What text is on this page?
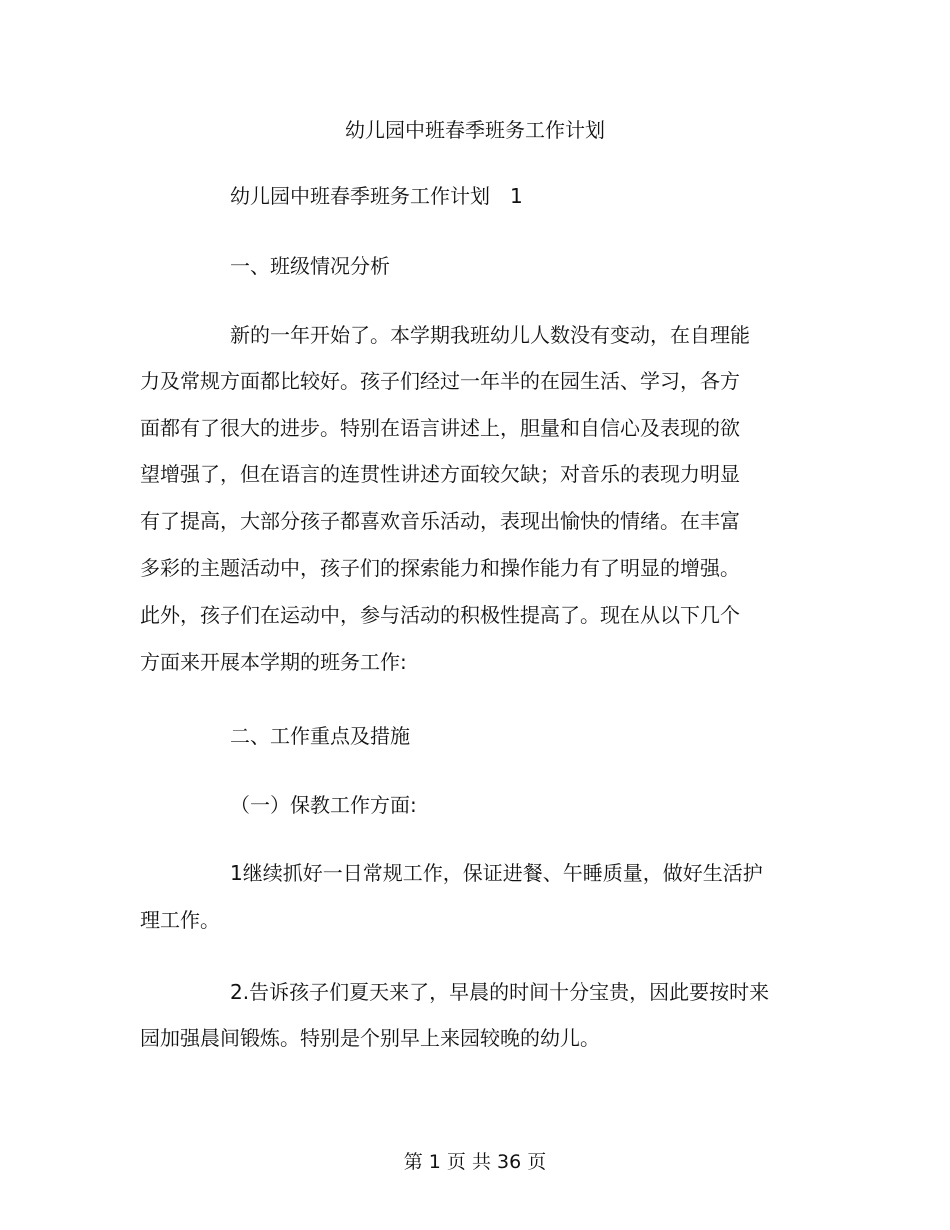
幼儿园中班春季班务工作计划
幼儿园中班春季班务工作计划　1
一、班级情况分析
新的一年开始了。本学期我班幼儿人数没有变动，在自理能
力及常规方面都比较好。孩子们经过一年半的在园生活、学习，各方
面都有了很大的进步。特别在语言讲述上，胆量和自信心及表现的欲
望增强了，但在语言的连贯性讲述方面较欠缺；对音乐的表现力明显
有了提高，大部分孩子都喜欢音乐活动，表现出愉快的情绪。在丰富
多彩的主题活动中，孩子们的探索能力和操作能力有了明显的增强。
此外，孩子们在运动中，参与活动的积极性提高了。现在从以下几个
方面来开展本学期的班务工作:
二、工作重点及措施
（一）保教工作方面:
1继续抓好一日常规工作，保证进餐、午睡质量，做好生活护
理工作。
2.告诉孩子们夏天来了，早晨的时间十分宝贵，因此要按时来
园加强晨间锻炼。特别是个别早上来园较晚的幼儿。
第 1 页 共 36 页
